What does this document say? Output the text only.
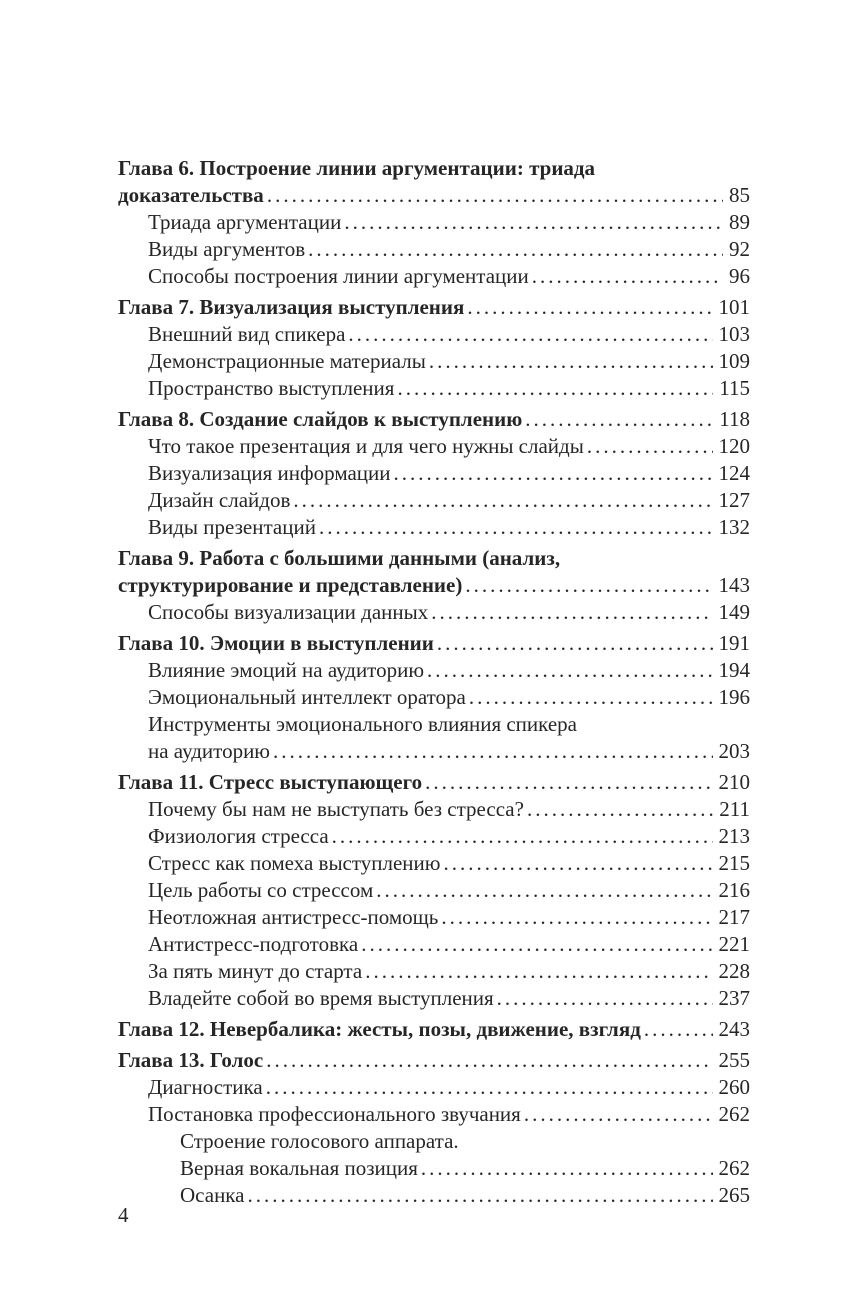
Глава 6. Построение линии аргументации: триада
доказательства .....	85
Триада аргументации .....	89
Виды аргументов .....	92
Способы построения линии аргументации .....	96
Глава 7. Визуализация выступления .....	101
Внешний вид спикера .....	103
Демонстрационные материалы .....	109
Пространство выступления .....	115
Глава 8. Создание слайдов к выступлению .....	118
Что такое презентация и для чего нужны слайды .....	120
Визуализация информации .....	124
Дизайн слайдов .....	127
Виды презентаций .....	132
Глава 9. Работа с большими данными (анализ,
структурирование и представление) .....	143
Способы визуализации данных .....	149
Глава 10. Эмоции в выступлении .....	191
Влияние эмоций на аудиторию .....	194
Эмоциональный интеллект оратора .....	196
Инструменты эмоционального влияния спикера
на аудиторию .....	203
Глава 11. Стресс выступающего .....	210
Почему бы нам не выступать без стресса? .....	211
Физиология стресса .....	213
Стресс как помеха выступлению .....	215
Цель работы со стрессом .....	216
Неотложная антистресс-помощь .....	217
Антистресс-подготовка .....	221
За пять минут до старта .....	228
Владейте собой во время выступления .....	237
Глава 12. Невербалика: жесты, позы, движение, взгляд .....	243
Глава 13. Голос .....	255
Диагностика .....	260
Постановка профессионального звучания .....	262
Строение голосового аппарата.
Верная вокальная позиция .....	262
Осанка .....	265
4
